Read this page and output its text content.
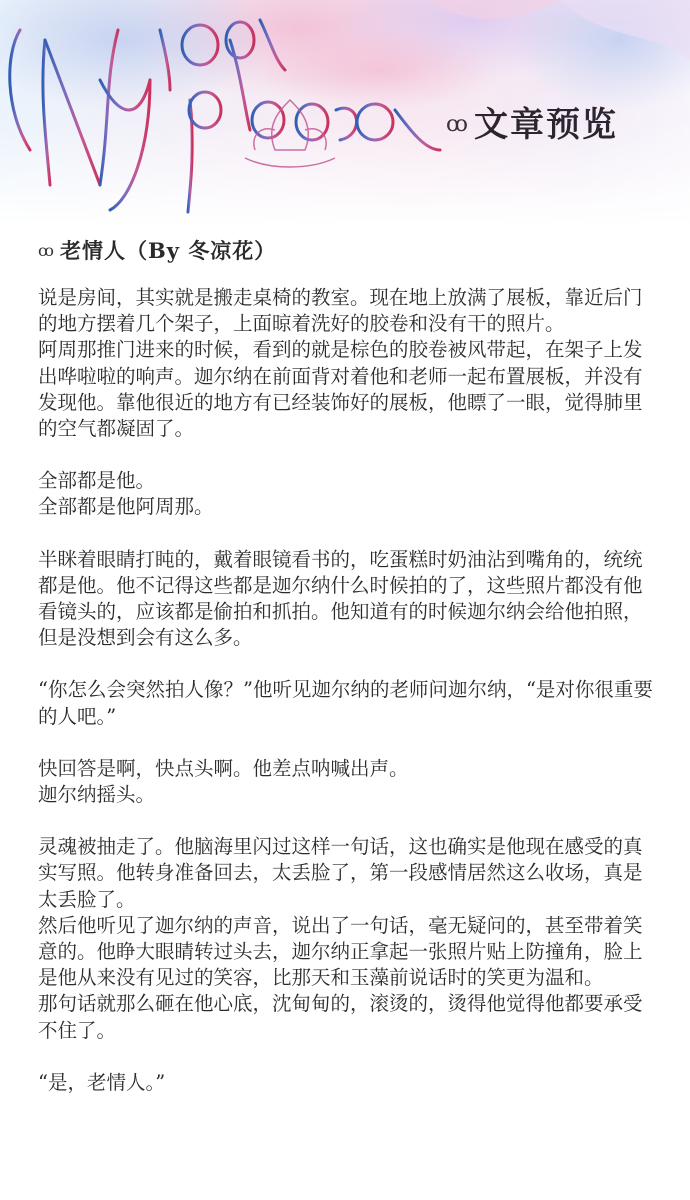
ꝏ 文章预览
ꝏ 老情人（By 冬凉花）

说是房间，其实就是搬走桌椅的教室。现在地上放满了展板，靠近后门的地方摆着几个架子，上面晾着洗好的胶卷和没有干的照片。

阿周那推门进来的时候，看到的就是棕色的胶卷被风带起，在架子上发出哗啦啦的响声。迦尔纳在前面背对着他和老师一起布置展板，并没有发现他。靠他很近的地方有已经装饰好的展板，他瞟了一眼，觉得肺里的空气都凝固了。

全部都是他。

全部都是他阿周那。

半眯着眼睛打盹的，戴着眼镜看书的，吃蛋糕时奶油沾到嘴角的，统统都是他。他不记得这些都是迦尔纳什么时候拍的了，这些照片都没有他看镜头的，应该都是偷拍和抓拍。他知道有的时候迦尔纳会给他拍照，但是没想到会有这么多。

“你怎么会突然拍人像？”他听见迦尔纳的老师问迦尔纳，“是对你很重要的人吧。”

快回答是啊，快点头啊。他差点呐喊出声。

迦尔纳摇头。

灵魂被抽走了。他脑海里闪过这样一句话，这也确实是他现在感受的真实写照。他转身准备回去，太丢脸了，第一段感情居然这么收场，真是太丢脸了。

然后他听见了迦尔纳的声音，说出了一句话，毫无疑问的，甚至带着笑意的。他睁大眼睛转过头去，迦尔纳正拿起一张照片贴上防撞角，脸上是他从来没有见过的笑容，比那天和玉藻前说话时的笑更为温和。

那句话就那么砸在他心底，沈甸甸的，滚烫的，烫得他觉得他都要承受不住了。

“是，老情人。”
